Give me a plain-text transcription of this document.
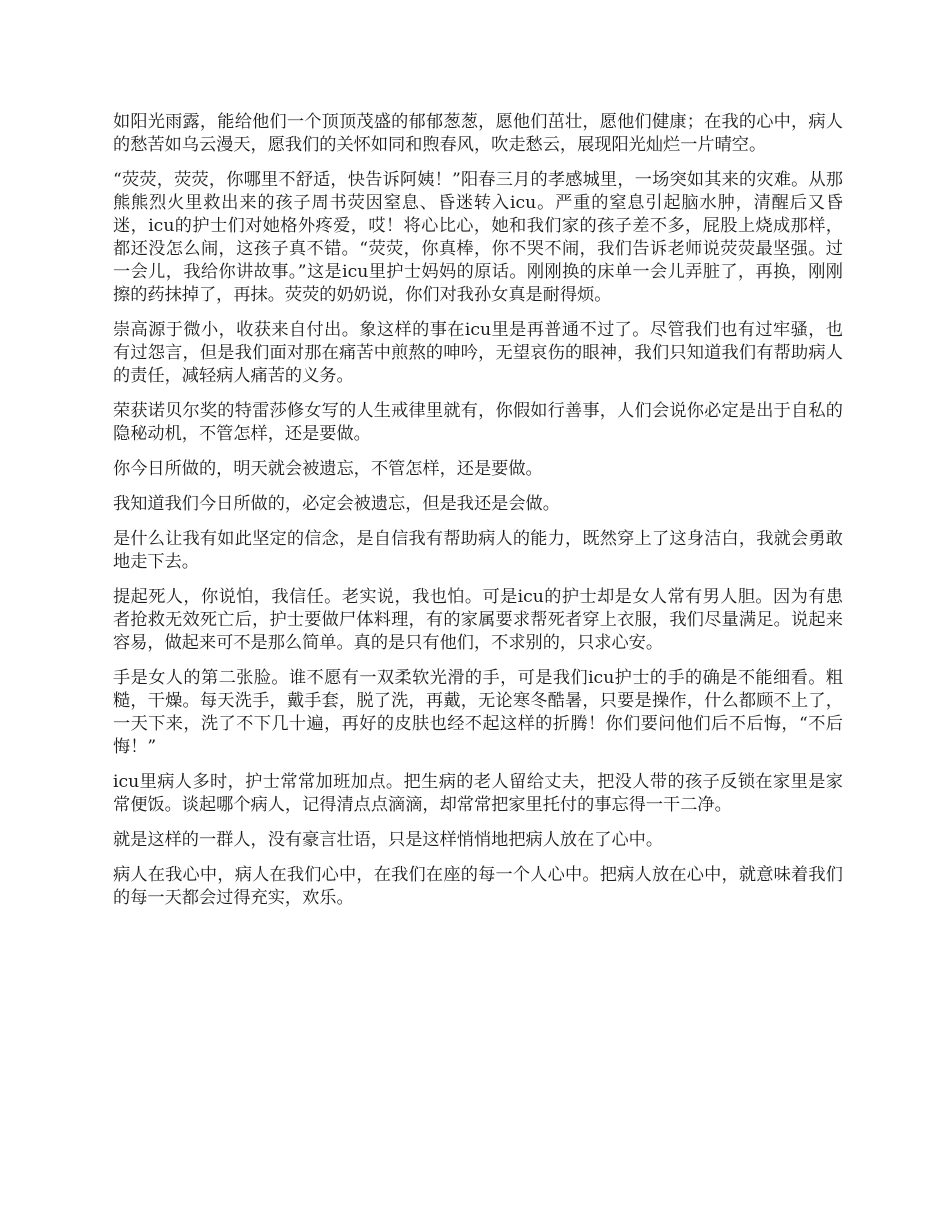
如阳光雨露，能给他们一个顶顶茂盛的郁郁葱葱，愿他们茁壮，愿他们健康；在我的心中，病人的愁苦如乌云漫天，愿我们的关怀如同和煦春风，吹走愁云，展现阳光灿烂一片晴空。

“荧荧，荧荧，你哪里不舒适，快告诉阿姨！”阳春三月的孝感城里，一场突如其来的灾难。从那熊熊烈火里救出来的孩子周书荧因窒息、昏迷转入icu。严重的窒息引起脑水肿，清醒后又昏迷，icu的护士们对她格外疼爱，哎！将心比心，她和我们家的孩子差不多，屁股上烧成那样，都还没怎么闹，这孩子真不错。“荧荧，你真棒，你不哭不闹，我们告诉老师说荧荧最坚强。过一会儿，我给你讲故事。”这是icu里护士妈妈的原话。刚刚换的床单一会儿弄脏了，再换，刚刚擦的药抹掉了，再抹。荧荧的奶奶说，你们对我孙女真是耐得烦。

崇高源于微小，收获来自付出。象这样的事在icu里是再普通不过了。尽管我们也有过牢骚，也有过怨言，但是我们面对那在痛苦中煎熬的呻吟，无望哀伤的眼神，我们只知道我们有帮助病人的责任，减轻病人痛苦的义务。

荣获诺贝尔奖的特雷莎修女写的人生戒律里就有，你假如行善事，人们会说你必定是出于自私的隐秘动机，不管怎样，还是要做。

你今日所做的，明天就会被遗忘，不管怎样，还是要做。

我知道我们今日所做的，必定会被遗忘，但是我还是会做。

是什么让我有如此坚定的信念，是自信我有帮助病人的能力，既然穿上了这身洁白，我就会勇敢地走下去。

提起死人，你说怕，我信任。老实说，我也怕。可是icu的护士却是女人常有男人胆。因为有患者抢救无效死亡后，护士要做尸体料理，有的家属要求帮死者穿上衣服，我们尽量满足。说起来容易，做起来可不是那么简单。真的是只有他们，不求别的，只求心安。

手是女人的第二张脸。谁不愿有一双柔软光滑的手，可是我们icu护士的手的确是不能细看。粗糙，干燥。每天洗手，戴手套，脱了洗，再戴，无论寒冬酷暑，只要是操作，什么都顾不上了，一天下来，洗了不下几十遍，再好的皮肤也经不起这样的折腾！你们要问他们后不后悔，“不后悔！”

icu里病人多时，护士常常加班加点。把生病的老人留给丈夫，把没人带的孩子反锁在家里是家常便饭。谈起哪个病人，记得清点点滴滴，却常常把家里托付的事忘得一干二净。

就是这样的一群人，没有豪言壮语，只是这样悄悄地把病人放在了心中。

病人在我心中，病人在我们心中，在我们在座的每一个人心中。把病人放在心中，就意味着我们的每一天都会过得充实，欢乐。
